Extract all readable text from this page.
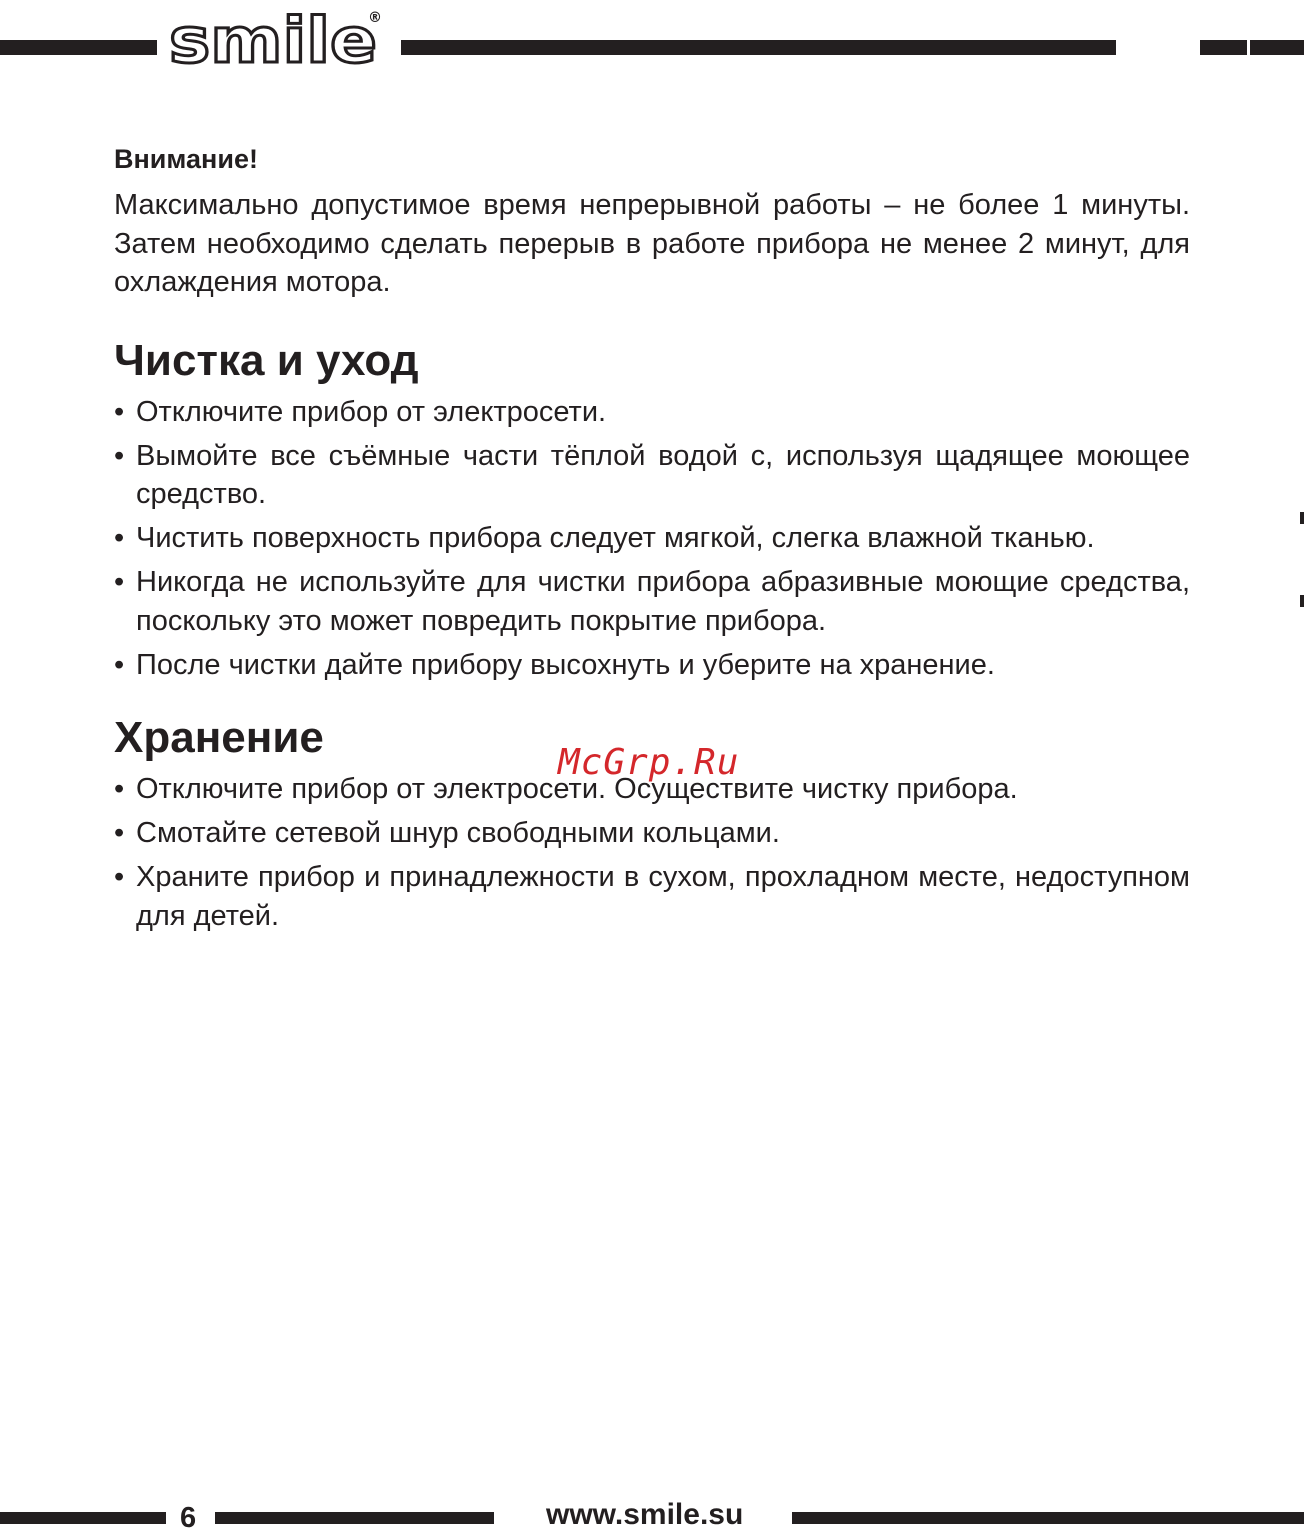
smile
®

Внимание!

Максимально допустимое время непрерывной работы – не более 1 минуты. Затем необходимо сделать перерыв в работе прибора не менее 2 минут, для охлаждения мотора.

Чистка и уход
• Отключите прибор от электросети.
• Вымойте все съёмные части тёплой водой с, используя щадящее моющее средство.
• Чистить поверхность прибора следует мягкой, слегка влажной тканью.
• Никогда не используйте для чистки прибора абразивные моющие средства, поскольку это может повредить покрытие прибора.
• После чистки дайте прибору высохнуть и уберите на хранение.
Хранение
• Отключите прибор от электросети. Осуществите чистку прибора.
• Смотайте сетевой шнур свободными кольцами.
• Храните прибор и принадлежности в сухом, прохладном месте, недоступном для детей.
McGrp.Ru
6	www.smile.su
